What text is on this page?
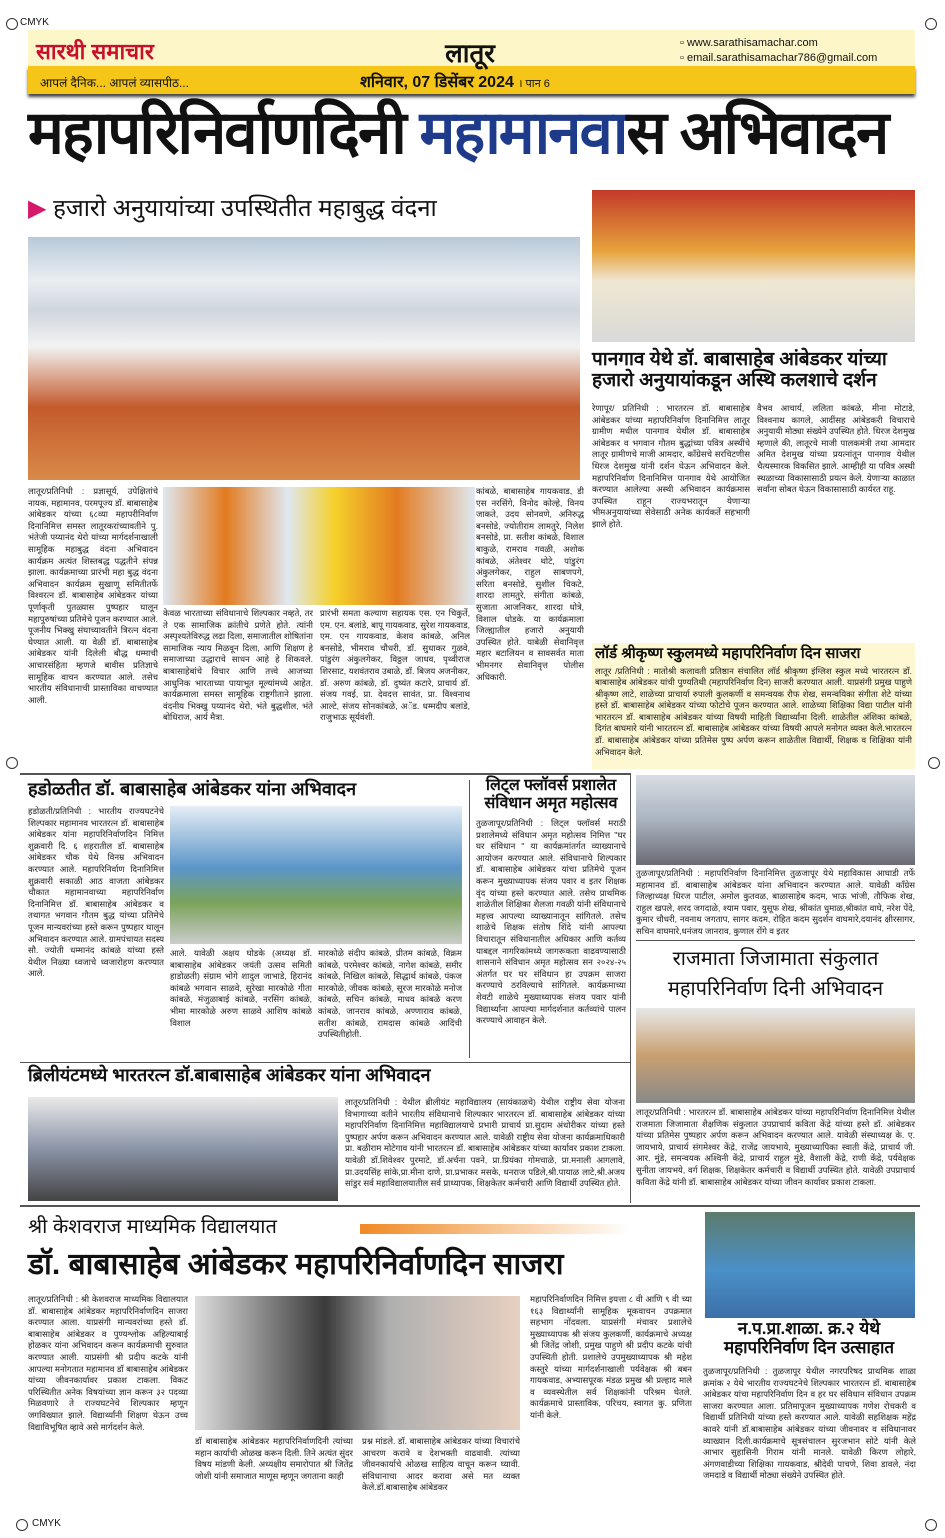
CMYK
CMYK
सारथी समाचार	लातूर	▫ www.sarathisamachar.com
▫ email.sarathisamachar786@gmail.com
आपलं दैनिक... आपलं व्यासपीठ...	शनिवार, 07 डिसेंबर 2024 । पान 6
महापरिनिर्वाणदिनी महामानवास अभिवादन
▶ हजारो अनुयायांच्या उपस्थितीत महाबुद्ध वंदना
लातूर/प्रतिनिधी : प्रज्ञासूर्य, उपेक्षितांचे नायक, महामानव, परमपूज्य डॉ. बाबासाहेब आंबेडकर यांच्या ६८व्या महापरीनिर्वाण दिनानिमित्त समस्त लातूरकरांच्यावतीने पु. भंतेजी पय्यानंद थेरो यांच्या मार्गदर्शनाखाली सामूहिक महाबुद्ध वंदना अभिवादन कार्यक्रम अत्यंत शिस्तबद्ध पद्धतीने संपन्न झाला. कार्यक्रमाच्या प्रारंभी महा बुद्ध वंदना अभिवादन कार्यक्रम सुखाणू समितीतर्फे विश्वरत्न डॉ. बाबासाहेब आंबेडकर यांच्या पूर्णाकृती पुतळ्यास पुष्पहार घालून महापुरुषांच्या प्रतिमेचे पूजन करण्यात आले. पूजनीय भिक्खु संघाच्यावतीने त्रिरत्न वंदना घेण्यात आली. या वेळी डॉ. बाबासाहेब आंबेडकर यांनी दिलेली बौद्ध धम्माची आचारसंहिता म्हणजे बावीस प्रतिज्ञाचे सामूहिक वाचन करण्यात आले. तसेच भारतीय संविधानाची प्रास्ताविका वाचण्यात आली.
केवळ भारताच्या संविधानाचे शिल्पकार नव्हते, तर ते एक सामाजिक क्रांतीचे प्रणेते होते. त्यांनी अस्पृश्यतेविरुद्ध लढा दिला, समाजातील शोषितांना सामाजिक न्याय मिळवून दिला, आणि शिक्षण हे समाजाच्या उद्धाराचे साधन आहे हे शिकवले. बाबासाहेबांचे विचार आणि तत्त्वे आजच्या आधुनिक भारताच्या पायाभूत मूल्यांमध्ये आहेत. कार्यक्रमाला समस्त सामूहिक राष्ट्रगीताने झाला. वंदनीय भिक्खु पय्यानंद थेरो, भंते बुद्धशील, भंते बोधिराज, आर्य मैत्रा.
प्रारंभी समता कल्याण सहायक एस. एन चिकुर्ते, एम. एन. बलांडे, बापू गायकवाड, सुरेश गायकवाड, एम. एन गायकवाड, केशव कांबळे, अनिल बनसोडे, भीमराव चौधरी, डॉ. सुधाकर गुळवे, पांडुरंग अंकुलगेकर, विठ्ठल जाधव, पृथ्वीराज शिरसाट, यशवंतराव उबाळे, डॉ. बिजय अजनीकर, डॉ. अरुण कांबळे, डॉ. दुष्यंत कटारे, प्राचार्य डॉ. संजय गवई, प्रा. देवदत्त सावंत, प्रा. विश्वनाथ आल्टे, संजय सोनकांबळे, अॅड. धम्मदीप बलांडे, राजुभाऊ सूर्यवंशी.
कांबळे, बाबासाहेब गायकवाड, डी एस नरसिंगे, विनोद कोल्हे, विनय जाकते, उदय सोनवणे, अनिरुद्ध बनसोडे, ज्योतीराम लामतुरे, निलेश बनसोडे, प्रा. सतीश कांबळे, विशाल बाकुळे, रामराव गवळी, अशोक कांबळे, अंतेश्वर थोटे, पांडुरंग अंकुलगेकर, राहुल साबणपगे, सरिता बनसोडे, सुशील चिकटे, शारदा लामतुरे, संगीता कांबळे, सुजाता आजनिकर, शारदा धोत्रे, विशाल धोडके. या कार्यक्रमाला जिल्ह्यातील हजारो अनुयायी उपस्थित होते. याबेळी सेवानिवृत्त महार बटालियन व सावसर्वत माता भीमनगर सेवानिवृत्त पोलीस अधिकारी.
पानगाव येथे डॉ. बाबासाहेब आंबेडकर यांच्या हजारो अनुयायांकडून अस्थि कलशाचे दर्शन
रेणापूर/ प्रतिनिधी : भारतरत्न डॉ. बाबासाहेब आंबेडकर यांच्या महापरिनिर्वाण दिनानिमित्त लातूर ग्रामीण मधील पानगाव येथील डॉ. बाबासाहेब आंबेडकर व भगवान गौतम बुद्धांच्या पवित्र अस्थींचे लातूर ग्रामीणचे माजी आमदार, काँग्रेसचे सरचिटणीस धिरज देशमुख यांनी दर्शन घेऊन अभिवादन केले. महापरिनिर्वाण दिनानिमित्त पानगाव येथे आयोजित करण्यात आलेल्या अस्थी अभिवादन कार्यक्रमास उपस्थित राहून राज्यभरातून येणाऱ्या भीमअनुयायांच्या सेवेसाठी अनेक कार्यकर्ते सहभागी झाले होते.
वैभव आचार्य, ललिता कांबळे, मीना मोटाडे, विश्वनाथ कागले, आदींसह आंबेडकरी विचाराचे अनुयायी मोठ्या संख्येने उपस्थित होते. धिरज देशमुख म्हणाले की, लातूरचे माजी पालकमंत्री तथा आमदार अमित देशमुख यांच्या प्रयत्नांतून पानगाव येथील चैत्यस्मारक विकसित झाले. आम्हीही या पवित्र अस्थी स्थळाच्या विकासासाठी प्रयत्न केले. येणाऱ्या काळात सर्वांना सोबत घेऊन विकासासाठी कार्यरत राहू.
लॉर्ड श्रीकृष्ण स्कुलमध्ये महापरिनिर्वाण दिन साजरा
लातूर /प्रतिनिधी : मातोश्री कलावती प्रतिष्ठान संचालित लॉर्ड श्रीकृष्ण इंग्लिश स्कुल मध्ये भारतरत्न डॉ. बाबासाहेब आंबेडकर यांची पुण्यतिथी (महापरिनिर्वाण दिन) साजरी करण्यात आली. याप्रसंगी प्रमुख पाहुणे श्रीकृष्ण लाटे, शाळेच्या प्राचार्या रुपाली कुलकर्णी व समन्वयक रौफ शेख, समन्वयिका संगीता शेटे यांच्या हस्ते डॉ. बाबासाहेब आंबेडकर यांच्या फोटोचे पूजन करण्यात आले. शाळेच्या शिक्षिका विद्या पाटील यांनी भारतरत्न डॉ. बाबासाहेब आंबेडकर यांच्या विषयी माहिती विद्यार्थ्यांना दिली. शाळेतील अंशिका कांबळे, दिगंत बाघमारे यांनी भारतरत्न डॉ. बाबासाहेब आंबेडकर यांच्या विषयी आपले मनोगत व्यक्त केले.भारतरत्न डॉ. बाबासाहेब आंबेडकर यांच्या प्रतिमेस पुष्प अर्पण करून शाळेतील विद्यार्थी, शिक्षक व शिक्षिका यांनी अभिवादन केले.
हडोळतीत डॉ. बाबासाहेब आंबेडकर यांना अभिवादन
हडोळती/प्रतिनिधी : भारतीय राज्यघटनेचे शिल्पकार महामानव भारतरत्न डॉ. बाबासाहेब आंबेडकर यांना महापरिनिर्वाणदिन निमित्त शुक्रवारी दि. ६ शहरातील डॉ. बाबासाहेब आंबेडकर चौक येथे विनम्र अभिवादन करण्यात आले. महापरिनिर्वाण दिनानिमित्त शुक्रवारी सकाळी आठ वाजता आंबेडकर चौकात महामानवाच्या महापरिनिर्वाण दिनानिमित्त डॉ. बाबासाहेब आंबेडकर व तथागत भगवान गौतम बुद्ध यांच्या प्रतिमेचे पूजन मान्यवरांच्या हस्ते करून पुष्पहार घालून अभिवादन करण्यात आले. ग्रामपंचायत सदस्य सौ. ज्योती धम्मानंद कांबळे यांच्या हस्ते येथील निळ्या ध्वजाचे ध्वजारोहण करण्यात आले.
आले. यावेळी अक्षय घोडके (अध्यक्ष डॉ. बाबासाहेब आंबेडकर जयंती उत्सव समिती हाडोळती) संग्राम भोगे शादुल जाभाडे, हिरानंद कांबळे भगवान साळवे, सुरेखा मारकोळे गीता कांबळे, मंजुळाबाई कांबळे, नरसिंग कांबळे, भीमा मारकोळे अरुण साळवे आशिष कांबळे विशाल
मारकोळे संदीप कांबळे, प्रीतम कांबळे, विक्रम कांबळे, परमेश्वर कांबळे, नागेश कांबळे, समीर कांबळे, निखिल कांबळे, सिद्धार्थ कांबळे, पंकज मारकोळे, जीवक कांबळे, सूरज मारकोळे मनोज कांबळे, सचिन कांबळे, माधव कांबळे करण कांबळे, जानराव कांबळे, अण्णाराव कांबळे, सतीश कांबळे, रामदास कांबळे आदिंची उपस्थितीहोती.
लिट्ल फ्लॉवर्स प्रशालेत संविधान अमृत महोत्सव
तुळजापूर/प्रतिनिधी : लिट्ल फ्लॉवर्स मराठी प्रशालेमध्ये संविधान अमृत महोत्सव निमित्त ''घर घर संविधान '' या कार्यक्रमांतर्गत व्याख्यानाचे आयोजन करण्यात आले. संविधानाचे शिल्पकार डॉ. बाबासाहेब आंबेडकर यांचा प्रतिमेचे पूजन करून मुख्याध्यापक संजय पवार व इतर शिक्षक वृंद यांच्या हस्ते करण्यात आले. तसेच प्राथमिक शाळेतील शिक्षिका शैलजा गवळी यांनी संविधानाचे महत्त्व आपल्या व्याख्यानातून सांगितले. तसेच शाळेचे शिक्षक संतोष शिंदे यांनी आपल्या विचारातून संविधानातील अधिकार आणि कर्तव्य याबद्दल नागरिकांमध्ये जागरूकता वाढवण्यासाठी शासनाने संविधान अमृत महोत्सव सन २०२४-२५ अंतर्गत घर घर संविधान हा उपक्रम साजरा करण्याचे ठरविल्याचे सांगितले. कार्यक्रमाच्या शेवटी शाळेचे मुख्याध्यापक संजय पवार यांनी विद्यार्थ्यांना आपल्या मार्गदर्शनात कर्तव्यांचे पालन करण्याचे आवाहन केले.
तुळजापूर/प्रतिनिधी : महापरिनिर्वाण दिनानिमित्त तुळजापूर येथे महाविकास आघाडी तर्फे महामानव डॉ. बाबासाहेब आंबेडकर यांना अभिवादन करण्यात आले. यावेळी काँग्रेस जिल्हाध्यक्ष धिरज पाटील, अमोल कुतवळ, बाळासाहेब कदम, भाऊ भांजी, तौफिक शेख, राहुल खपले, शरद जगदाळे, श्याम पवार, युसूफ शेख, श्रीकांत धुमाळ,श्रीकांत वाघे, नरेश पेंदे, कुमार चौधरी, नवनाथ जगताप, सागर कदम, रोहित कदम सुदर्शन वाघमारे,दयानंद क्षीरसागर, सचिन वाघमारे,धनंजय जानराव, कुणाल रोंगे व इतर
राजमाता जिजामाता संकुलात महापरिनिर्वाण दिनी अभिवादन
लातूर/प्रतिनिधी : भारतरत्न डॉ. बाबासाहेब आंबेडकर यांच्या महापरिनिर्वाण दिनानिमित्त येथील राजमाता जिजामाता शैक्षणिक संकुलात उपप्राचार्य कविता केंद्रे यांच्या हस्ते डॉ. आंबेडकर यांच्या प्रतिमेस पुष्पहार अर्पण करून अभिवादन करण्यात आले. यावेळी संस्थाध्यक्ष के. ए. जायभाये, प्राचार्य संगमेश्वर केंद्रे, राजेंद्र जायभाये, मुख्याध्यापिका स्वाती केंद्रे, प्राचार्य जी. आर. मुंडे, समन्वयक अश्विनी केंद्रे, प्राचार्य राहुल मुंडे, वैशाली केंद्रे, राणी केंद्रे, पर्यवेक्षक सुनीता जायभये, वर्ग शिक्षक, शिक्षकेतर कर्मचारी व विद्यार्थी उपस्थित होते. यावेळी उपप्राचार्य कविता केंद्रे यांनी डॉ. बाबासाहेब आंबेडकर यांच्या जीवन कार्यावर प्रकाश टाकला.
ब्रिलीयंटमध्ये भारतरत्न डॉ.बाबासाहेब आंबेडकर यांना अभिवादन
लातूर/प्रतिनिधी : येथील ब्रीलीयंट महाविद्यालय (सायंकाळचे) येथील राष्ट्रीय सेवा योजना विभागाच्या वतीने भारतीय संविधानाचे शिल्पकार भारतरत्न डॉ. बाबासाहेब आंबेडकर यांच्या महापरिनिर्वाण दिनानिमित्त महाविद्यालयाचे प्रभारी प्राचार्य प्रा.सुदाम अंधोरीकर यांच्या हस्ते पुष्पहार अर्पण करून अभिवादन करण्यात आले. यावेळी राष्ट्रीय सेवा योजना कार्यक्रमाधिकारी प्रा. बळीराम मोटेगाव यांनी भारतरत्न डॉ. बाबासाहेब आंबेडकर यांच्या कार्यावर प्रकाश टाकला. यावेळी डॉ.शिवेश्वर पुरमाटे, डॉ.अर्चना पवने, प्रा.प्रियंका गोमचाळे, प्रा.मनाली आगलावे, प्रा.उदयसिंह सांके,प्रा.मीना दाणे, प्रा.प्रभाकर मसके, धनराज पडिले,श्री.पायाळ लाटे,श्री.अजय सांडुर सर्व महाविद्यालयातील सर्व प्राध्यापक, शिक्षकेतर कर्मचारी आणि विद्यार्थी उपस्थित होते.
श्री केशवराज माध्यमिक विद्यालयात
डॉ. बाबासाहेब आंबेडकर महापरिनिर्वाणदिन साजरा
लातूर/प्रतिनिधी : श्री केशवराज माध्यमिक विद्यालयात डॉ. बाबासाहेब आंबेडकर महापरिनिर्वाणदिन साजरा करण्यात आला. याप्रसंगी मान्यवरांच्या हस्ते डॉ. बाबासाहेब आंबेडकर व पुण्यश्लोक अहिल्याबाई होळकर यांना अभिवादन करून कार्यक्रमाची सुरुवात करण्यात आली. याप्रसंगी श्री प्रदीप कटके यांनी आपल्या मनोगतात महामानव डॉ बाबासाहेब आंबेडकर यांच्या जीवनकार्यावर प्रकाश टाकला. विकट परिस्थितीत अनेक विषयांच्या ज्ञान करून ३२ पदव्या मिळवणारे ते राज्यघटनेचे शिल्पकार म्हणून जगविख्यात झाले. विद्यार्थ्यांनी शिक्षण घेऊन उच्च विद्याविभूषित व्हावे असे मार्गदर्शन केले.
डॉ बाबासाहेब आंबेडकर महापरिनिर्वाणदिनी त्यांच्या महान कार्याची ओळख करून दिली. तिने अत्यंत सुंदर विषय मांडणी केली. अध्यक्षीय समारोपात श्री जितेंद्र जोशी यांनी समाजात माणूस म्हणून जगताना काही
प्रश्न मांडले. डॉ. बाबासाहेब आंबेडकर यांच्या विचारांचे आचरण करावे व देशभक्ती वाढवावी. त्यांच्या जीवनकार्याचे ओळख साहित्य वाचून करून घ्यावी. संविधानाचा आदर करावा असे मत व्यक्त केले.डॉ.बाबासाहेब आंबेडकर
महापरिनिर्वाणदिन निमित्त इयत्ता ८ वी आणि ९ वी च्या १६३ विद्यार्थ्यांनी सामूहिक मूकवाचन उपक्रमात सहभाग नोंदवला. याप्रसंगी मंचावर प्रशालेचे मुख्याध्यापक श्री संजय कुलकर्णी, कार्यक्रमाचे अध्यक्ष श्री जितेंद्र जोशी, प्रमुख पाहुणे श्री प्रदीप कटके यांची उपस्थिती होती. प्रशालेचे उपमुख्याध्यापक श्री महेश कस्तुरे यांच्या मार्गदर्शनाखाली पर्यवेक्षक श्री बबन गायकवाड, अभ्यासपूरक मंडळ प्रमुख श्री प्रल्हाद माले व व्यवस्थेतील सर्व शिक्षकांनी परिश्रम घेतले. कार्यक्रमाचे प्रास्ताविक, परिचय, स्वागत कु. प्रणिता यांनी केले.
न.प.प्रा.शाळा. क्र.२ येथे महापरिनिर्वाण दिन उत्साहात
तुळजापूर/प्रतिनिधी : तुळजापूर येथील नगरपरिषद प्राथमिक शाळा क्रमांक २ येथे भारतीय राज्यघटनेचे शिल्पकार भारतरत्न डॉ. बाबासाहेब आंबेडकर यांचा महापरिनिर्वाण दिन व हर घर संविधान संविधान उपक्रम साजरा करण्यात आला. प्रतिमापूजन मुख्याध्यापक गणेश रोचकरी व विद्यार्थी प्रतिनिधी यांच्या हस्ते करण्यात आले. यावेळी सहशिक्षक महेंद्र कावरे यांनी डॉ.बाबासाहेब आंबेडकर यांच्या जीवनावर व संविधानावर व्याख्यान दिली.कार्यक्रमाचे सूत्रसंचालन सुरजभान सोटे यांनी केले आभार सुहासिनी गिराम यांनी मानले. यावेळी किरण लोहारे, अंगणवाडीच्या शिक्षिका गायकवाड, श्रीदेवी पाचणे, शिवा डावले, नंदा जमदाडे व विद्यार्थी मोठ्या संख्येने उपस्थित होते.
